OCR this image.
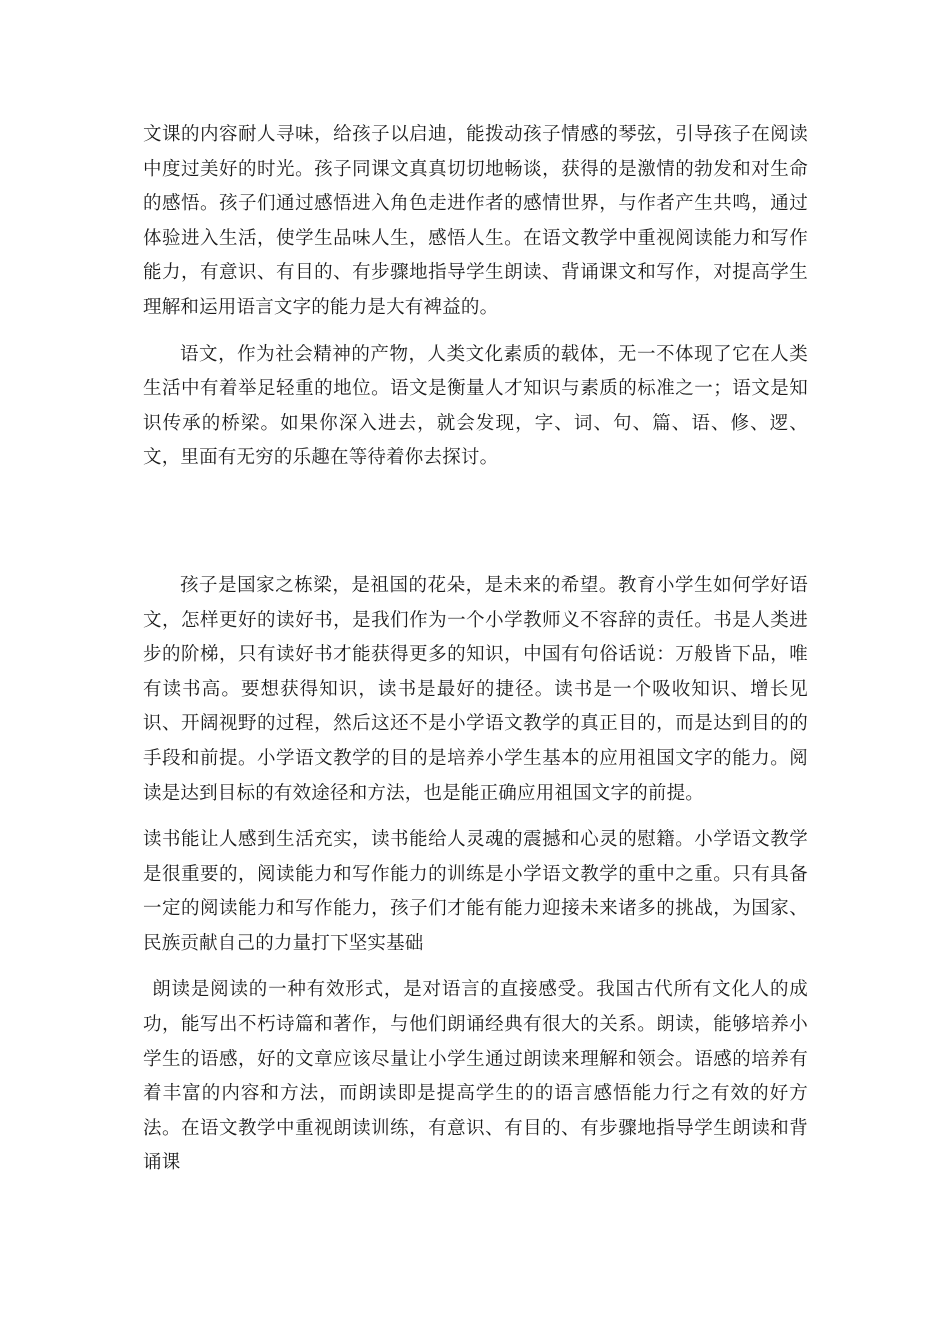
文课的内容耐人寻味，给孩子以启迪，能拨动孩子情感的琴弦，引导孩子在阅读中度过美好的时光。孩子同课文真真切切地畅谈，获得的是激情的勃发和对生命的感悟。孩子们通过感悟进入角色走进作者的感情世界，与作者产生共鸣，通过体验进入生活，使学生品味人生，感悟人生。在语文教学中重视阅读能力和写作能力，有意识、有目的、有步骤地指导学生朗读、背诵课文和写作，对提高学生理解和运用语言文字的能力是大有裨益的。

语文，作为社会精神的产物，人类文化素质的载体，无一不体现了它在人类生活中有着举足轻重的地位。语文是衡量人才知识与素质的标准之一；语文是知识传承的桥梁。如果你深入进去，就会发现，字、词、句、篇、语、修、逻、文，里面有无穷的乐趣在等待着你去探讨。

孩子是国家之栋梁，是祖国的花朵，是未来的希望。教育小学生如何学好语文，怎样更好的读好书，是我们作为一个小学教师义不容辞的责任。书是人类进步的阶梯，只有读好书才能获得更多的知识，中国有句俗话说：万般皆下品，唯有读书高。要想获得知识，读书是最好的捷径。读书是一个吸收知识、增长见识、开阔视野的过程，然后这还不是小学语文教学的真正目的，而是达到目的的手段和前提。小学语文教学的目的是培养小学生基本的应用祖国文字的能力。阅读是达到目标的有效途径和方法，也是能正确应用祖国文字的前提。

读书能让人感到生活充实，读书能给人灵魂的震撼和心灵的慰籍。小学语文教学是很重要的，阅读能力和写作能力的训练是小学语文教学的重中之重。只有具备一定的阅读能力和写作能力，孩子们才能有能力迎接未来诸多的挑战，为国家、民族贡献自己的力量打下坚实基础

朗读是阅读的一种有效形式，是对语言的直接感受。我国古代所有文化人的成功，能写出不朽诗篇和著作，与他们朗诵经典有很大的关系。朗读，能够培养小学生的语感，好的文章应该尽量让小学生通过朗读来理解和领会。语感的培养有着丰富的内容和方法，而朗读即是提高学生的的语言感悟能力行之有效的好方法。在语文教学中重视朗读训练，有意识、有目的、有步骤地指导学生朗读和背诵课
